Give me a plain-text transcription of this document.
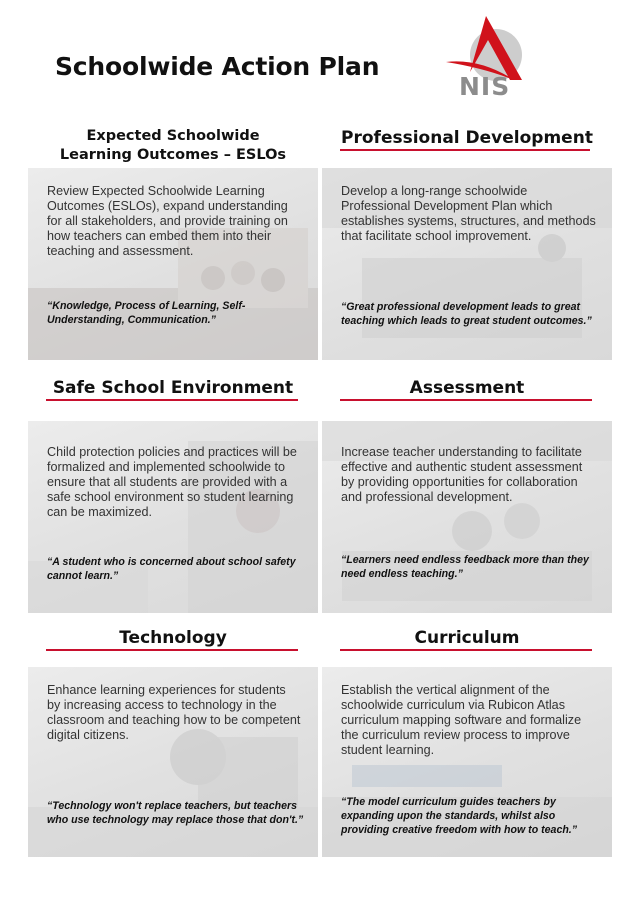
Schoolwide Action Plan
NIS
Expected Schoolwide
Learning Outcomes – ESLOs
Review Expected Schoolwide Learning Outcomes (ESLOs), expand understanding for all stakeholders, and provide training on how teachers can embed them into their teaching and assessment.
“Knowledge, Process of Learning, Self-Understanding, Communication.”
Professional Development
Develop a long-range schoolwide Professional Development Plan which establishes systems, structures, and methods that facilitate school improvement.
“Great professional development leads to great teaching which leads to great student outcomes.”
Safe School Environment
Child protection policies and practices will be formalized and implemented schoolwide to ensure that all students are provided with a safe school environment so student learning can be maximized.
“A student who is concerned about school safety cannot learn.”
Assessment
Increase teacher understanding to facilitate effective and authentic student assessment by providing opportunities for collaboration and professional development.
“Learners need endless feedback more than they need endless teaching.”
Technology
Enhance learning experiences for students by increasing access to technology in the classroom and teaching how to be competent digital citizens.
“Technology won't replace teachers, but teachers who use technology may replace those that don't.”
Curriculum
Establish the vertical alignment of the schoolwide curriculum via Rubicon Atlas curriculum mapping software and formalize the curriculum review process to improve student learning.
“The model curriculum guides teachers by expanding upon the standards, whilst also providing creative freedom with how to teach.”
